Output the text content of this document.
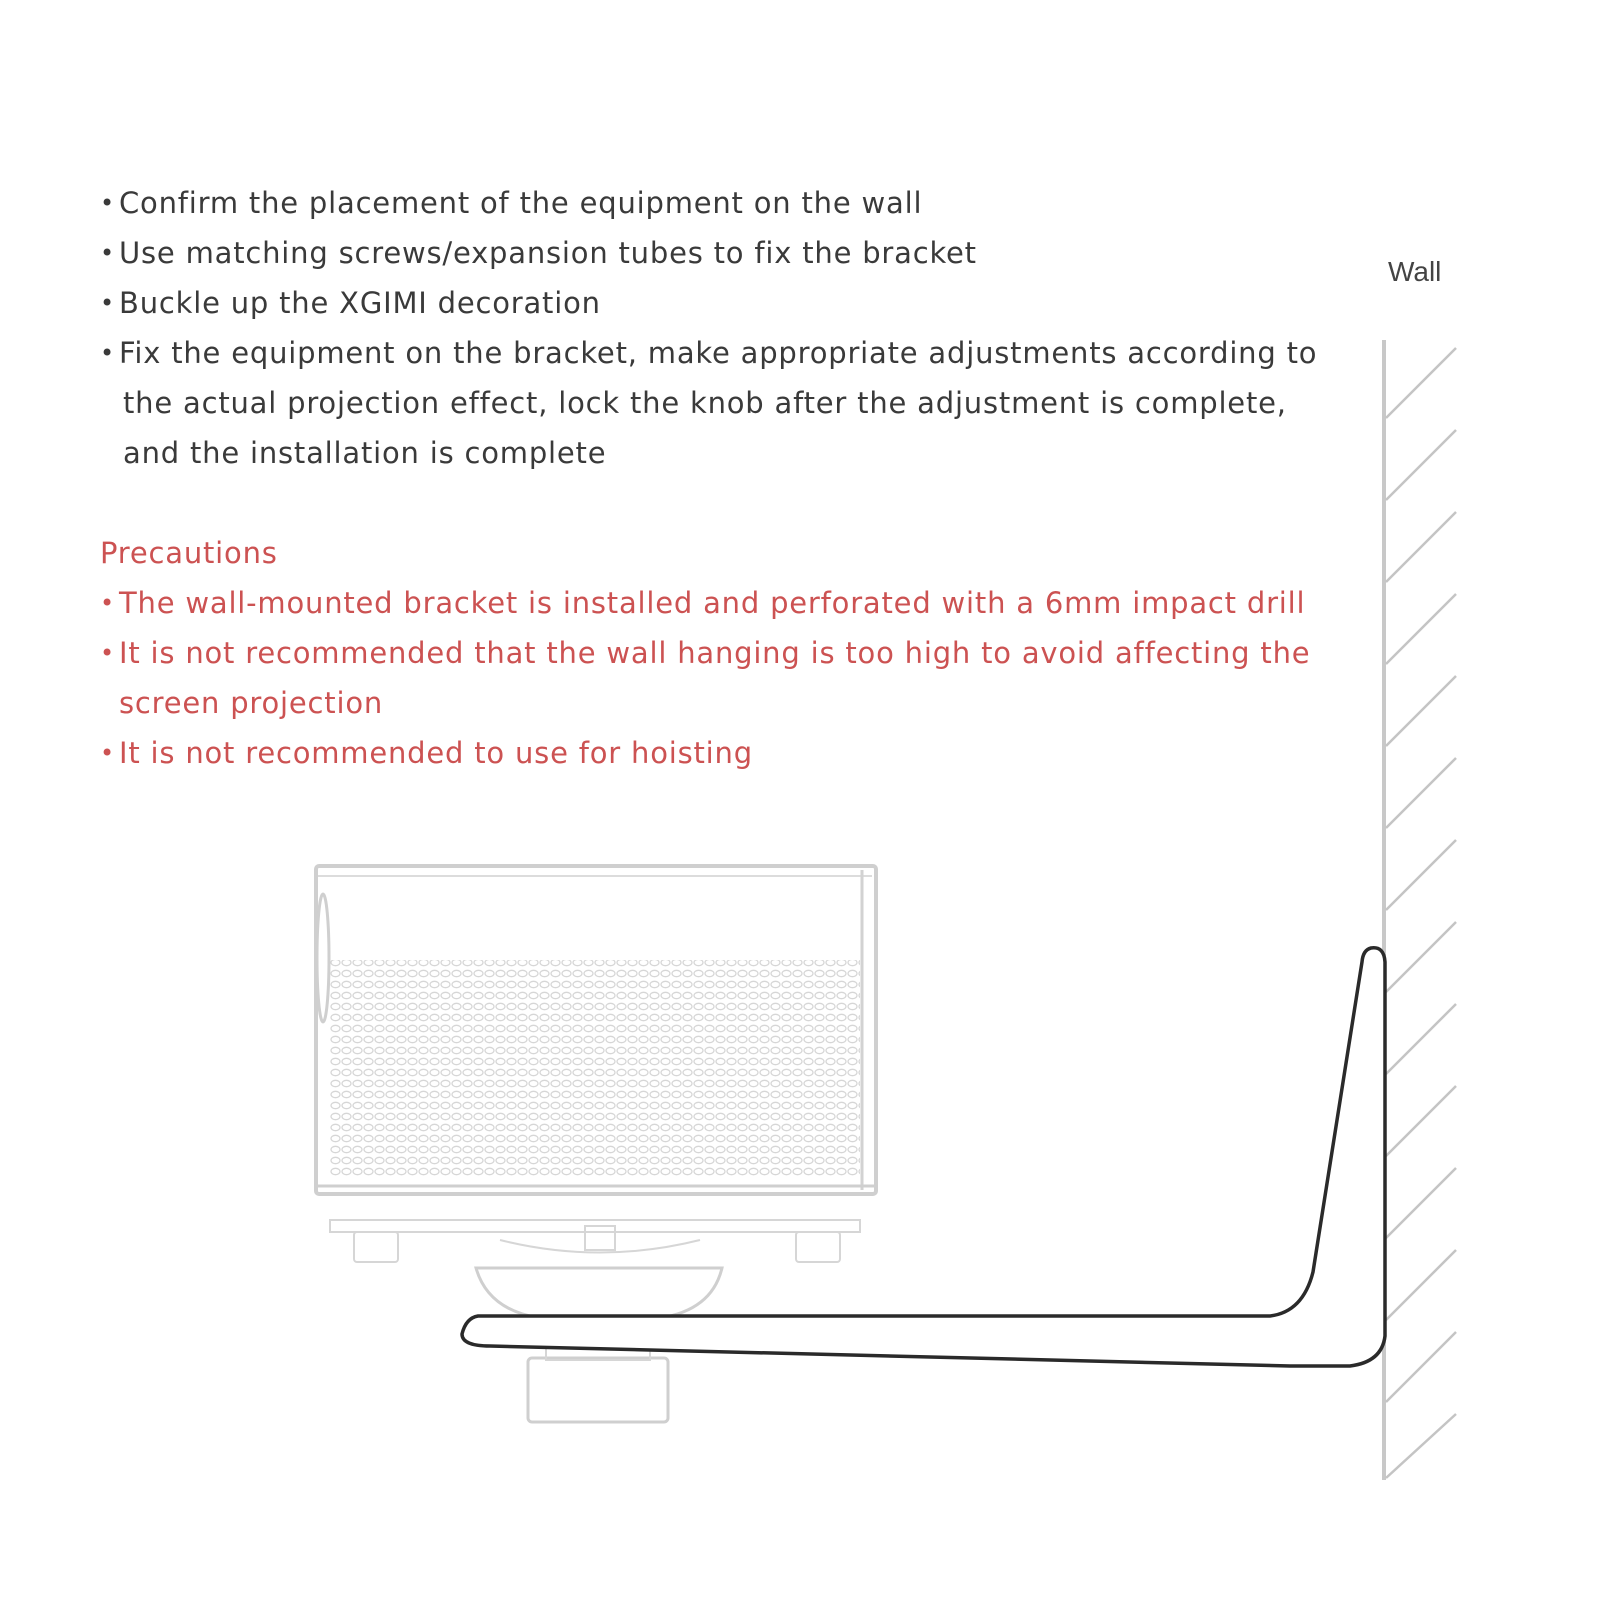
• Confirm the placement of the equipment on the wall
• Use matching screws/expansion tubes to fix the bracket
• Buckle up the XGIMI decoration
• Fix the equipment on the bracket, make appropriate adjustments according to
the actual projection effect, lock the knob after the adjustment is complete,
and the installation is complete
Precautions
• The wall-mounted bracket is installed and perforated with a 6mm impact drill
• It is not recommended that the wall hanging is too high to avoid affecting the
screen projection
• It is not recommended to use for hoisting
Wall
